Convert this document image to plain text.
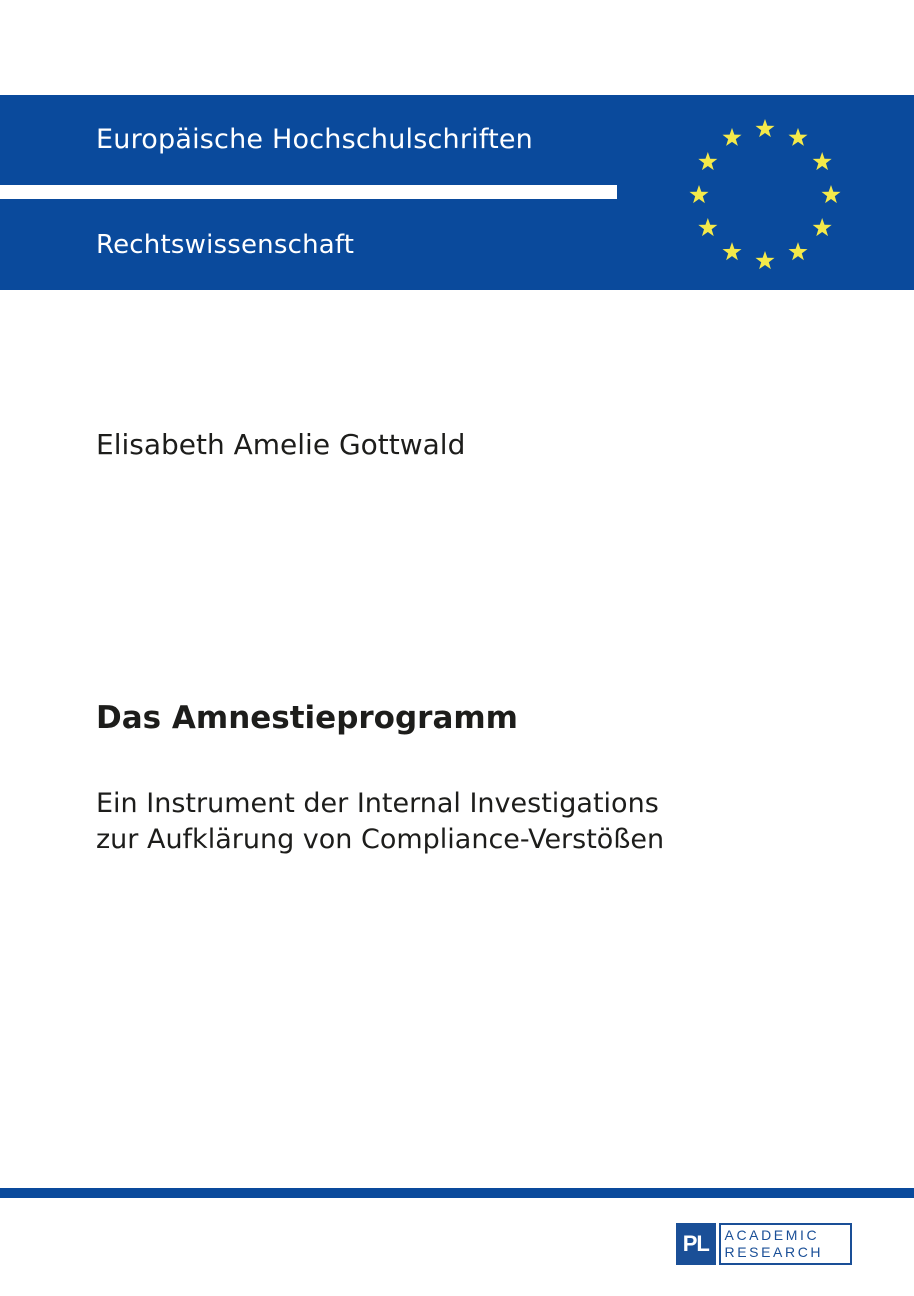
Europäische Hochschulschriften
Rechtswissenschaft
Elisabeth Amelie Gottwald
Das Amnestieprogramm
Ein Instrument der Internal Investigations
zur Aufklärung von Compliance-Verstößen
PL	ACADEMIC
RESEARCH
